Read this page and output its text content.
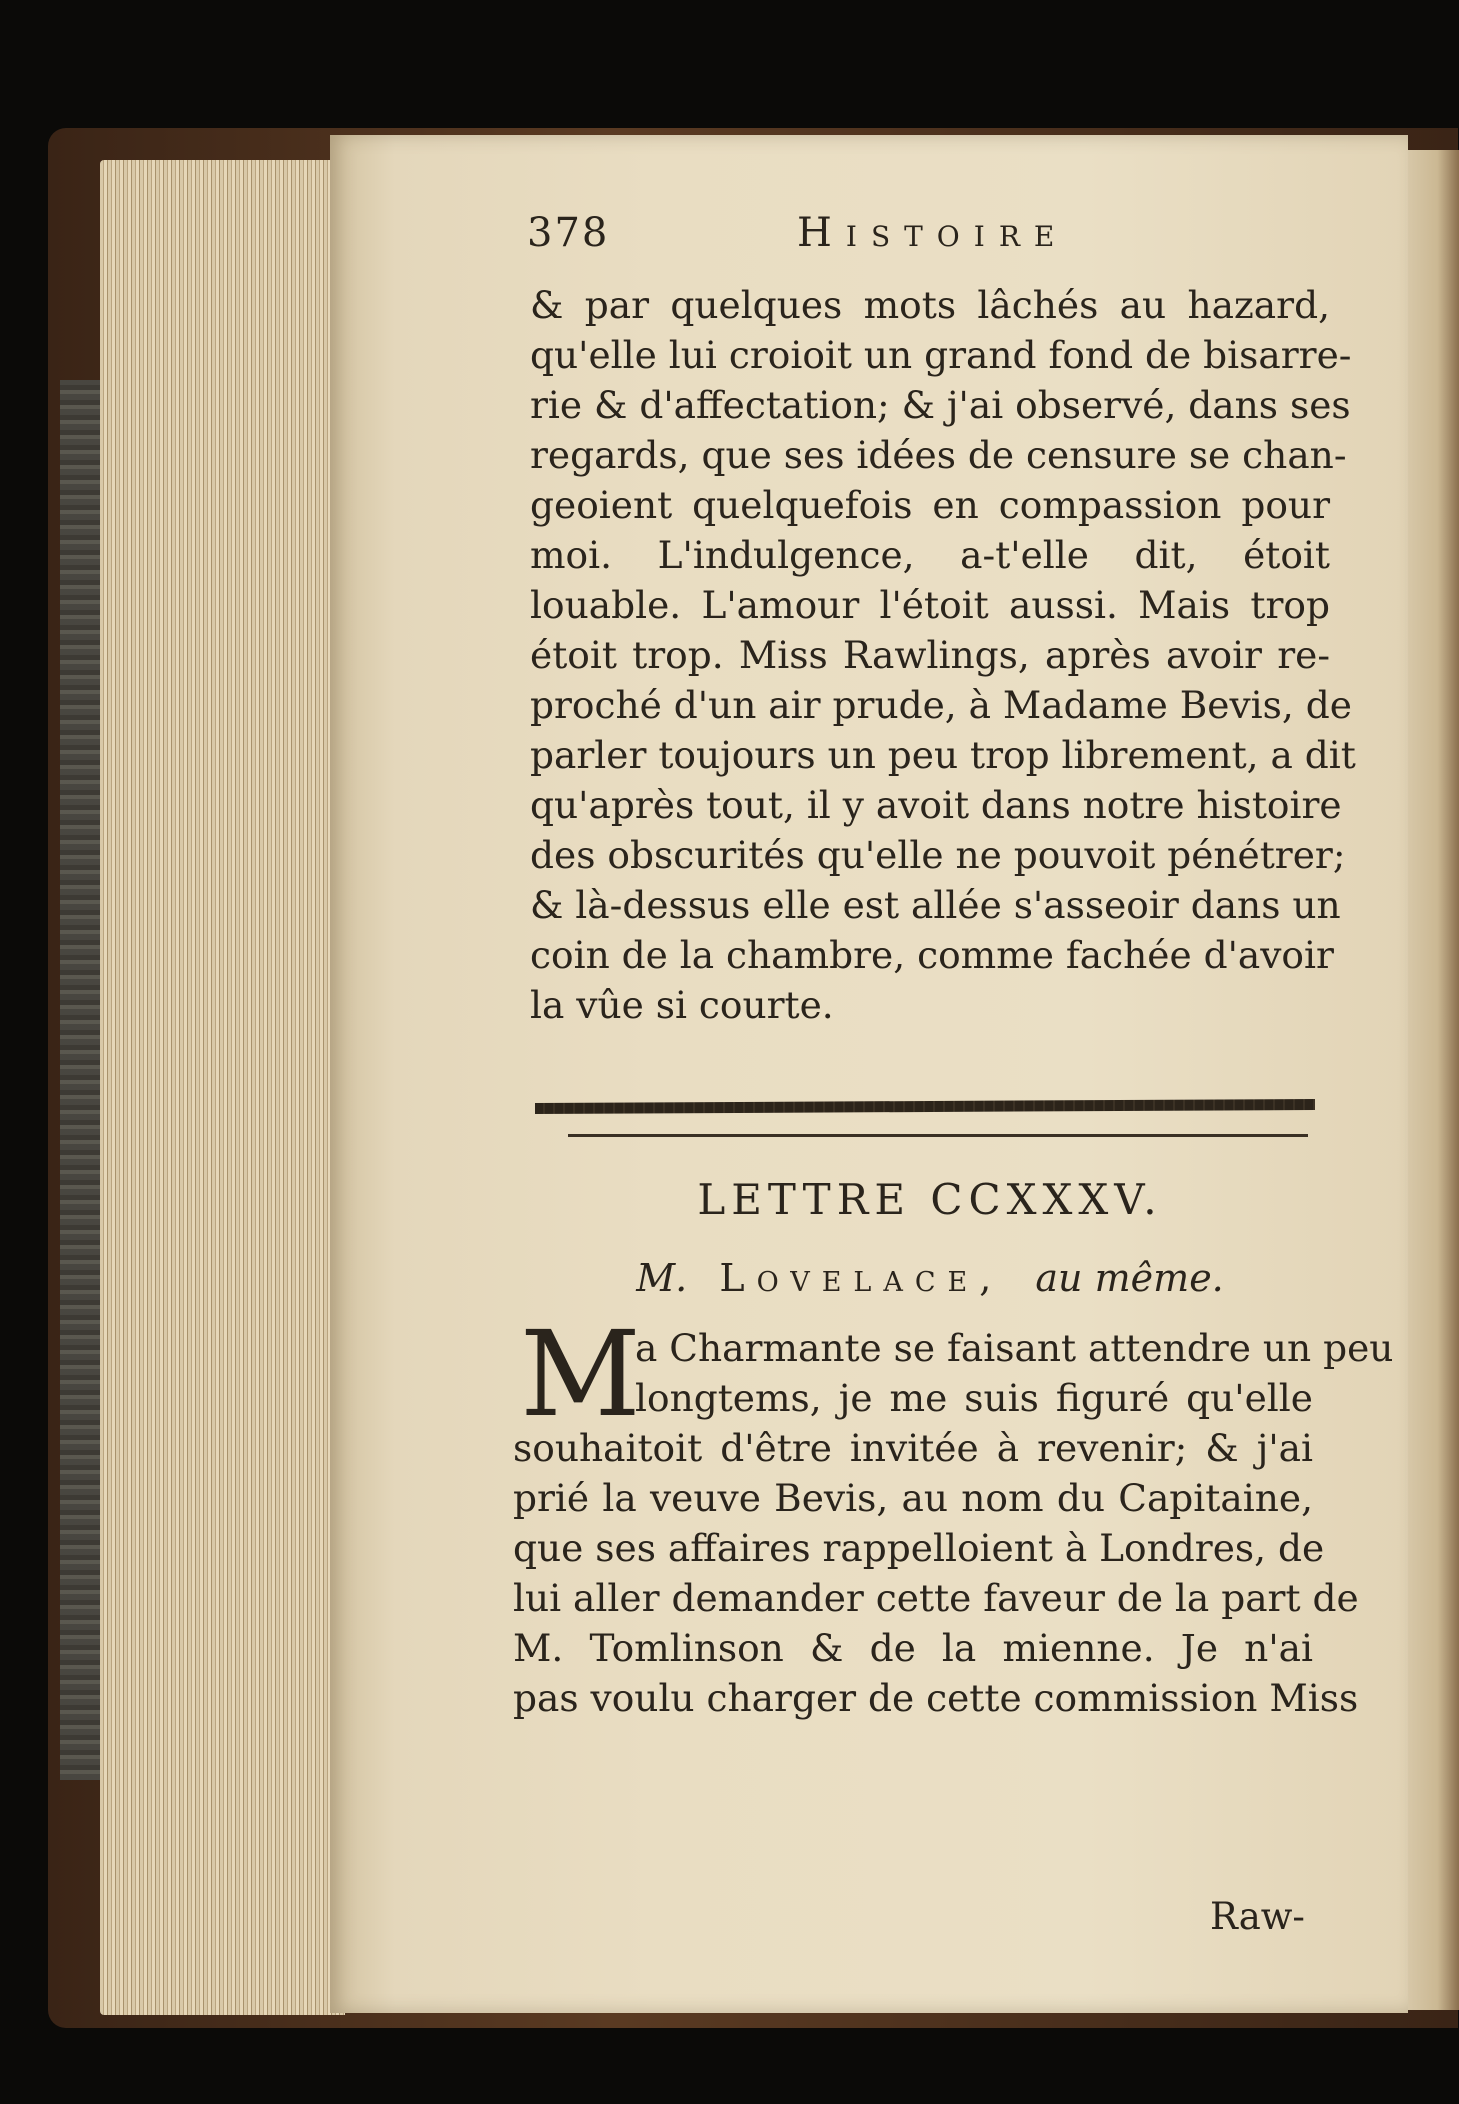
378	Histoire
& par quelques mots lâchés au hazard,
qu'elle lui croioit un grand fond de bisarre-
rie & d'affectation; & j'ai observé, dans ses
regards, que ses idées de censure se chan-
geoient quelquefois en compassion pour
moi. L'indulgence, a-t'elle dit, étoit
louable. L'amour l'étoit aussi. Mais trop
étoit trop. Miss Rawlings, après avoir re-
proché d'un air prude, à Madame Bevis, de
parler toujours un peu trop librement, a dit
qu'après tout, il y avoit dans notre histoire
des obscurités qu'elle ne pouvoit pénétrer;
& là-dessus elle est allée s'asseoir dans un
coin de la chambre, comme fachée d'avoir
la vûe si courte.
LETTRE CCXXXV.
M. Lovelace, au même.
M
a Charmante se faisant attendre un peu
longtems, je me suis figuré qu'elle
souhaitoit d'être invitée à revenir; & j'ai
prié la veuve Bevis, au nom du Capitaine,
que ses affaires rappelloient à Londres, de
lui aller demander cette faveur de la part de
M. Tomlinson & de la mienne. Je n'ai
pas voulu charger de cette commission Miss
Raw-
